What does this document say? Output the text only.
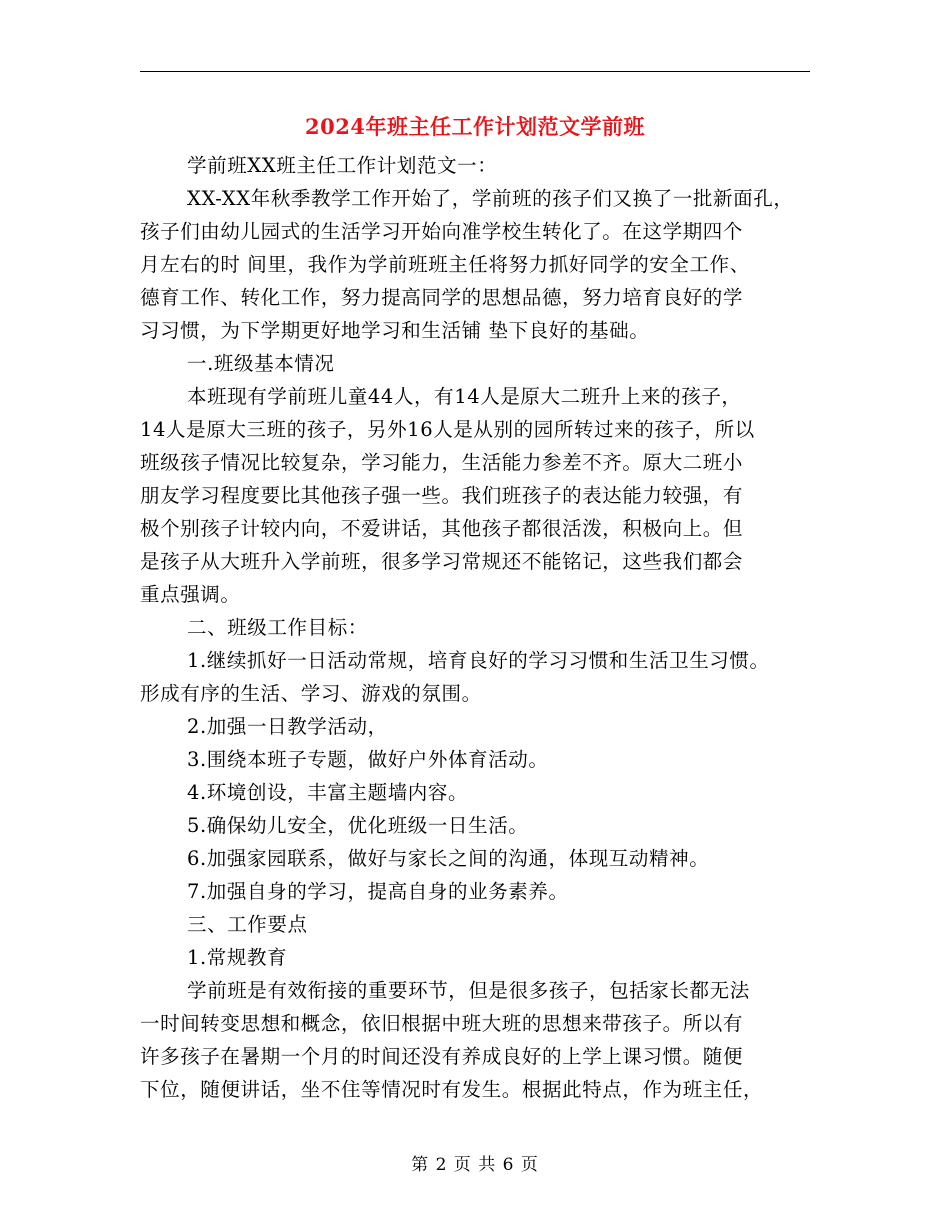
2024年班主任工作计划范文学前班
学前班XX班主任工作计划范文一：
XX-XX年秋季教学工作开始了，学前班的孩子们又换了一批新面孔，
孩子们由幼儿园式的生活学习开始向准学校生转化了。在这学期四个
月左右的时 间里，我作为学前班班主任将努力抓好同学的安全工作、
德育工作、转化工作，努力提高同学的思想品德，努力培育良好的学
习习惯，为下学期更好地学习和生活铺 垫下良好的基础。
一.班级基本情况
本班现有学前班儿童44人，有14人是原大二班升上来的孩子，
14人是原大三班的孩子，另外16人是从别的园所转过来的孩子，所以
班级孩子情况比较复杂，学习能力，生活能力参差不齐。原大二班小
朋友学习程度要比其他孩子强一些。我们班孩子的表达能力较强，有
极个别孩子计较内向，不爱讲话，其他孩子都很活泼，积极向上。但
是孩子从大班升入学前班，很多学习常规还不能铭记，这些我们都会
重点强调。
二、班级工作目标：
1.继续抓好一日活动常规，培育良好的学习习惯和生活卫生习惯。
形成有序的生活、学习、游戏的氛围。
2.加强一日教学活动，
3.围绕本班子专题，做好户外体育活动。
4.环境创设，丰富主题墙内容。
5.确保幼儿安全，优化班级一日生活。
6.加强家园联系，做好与家长之间的沟通，体现互动精神。
7.加强自身的学习，提高自身的业务素养。
三、工作要点
1.常规教育
学前班是有效衔接的重要环节，但是很多孩子，包括家长都无法
一时间转变思想和概念，依旧根据中班大班的思想来带孩子。所以有
许多孩子在暑期一个月的时间还没有养成良好的上学上课习惯。随便
下位，随便讲话，坐不住等情况时有发生。根据此特点，作为班主任，
第 2 页 共 6 页
